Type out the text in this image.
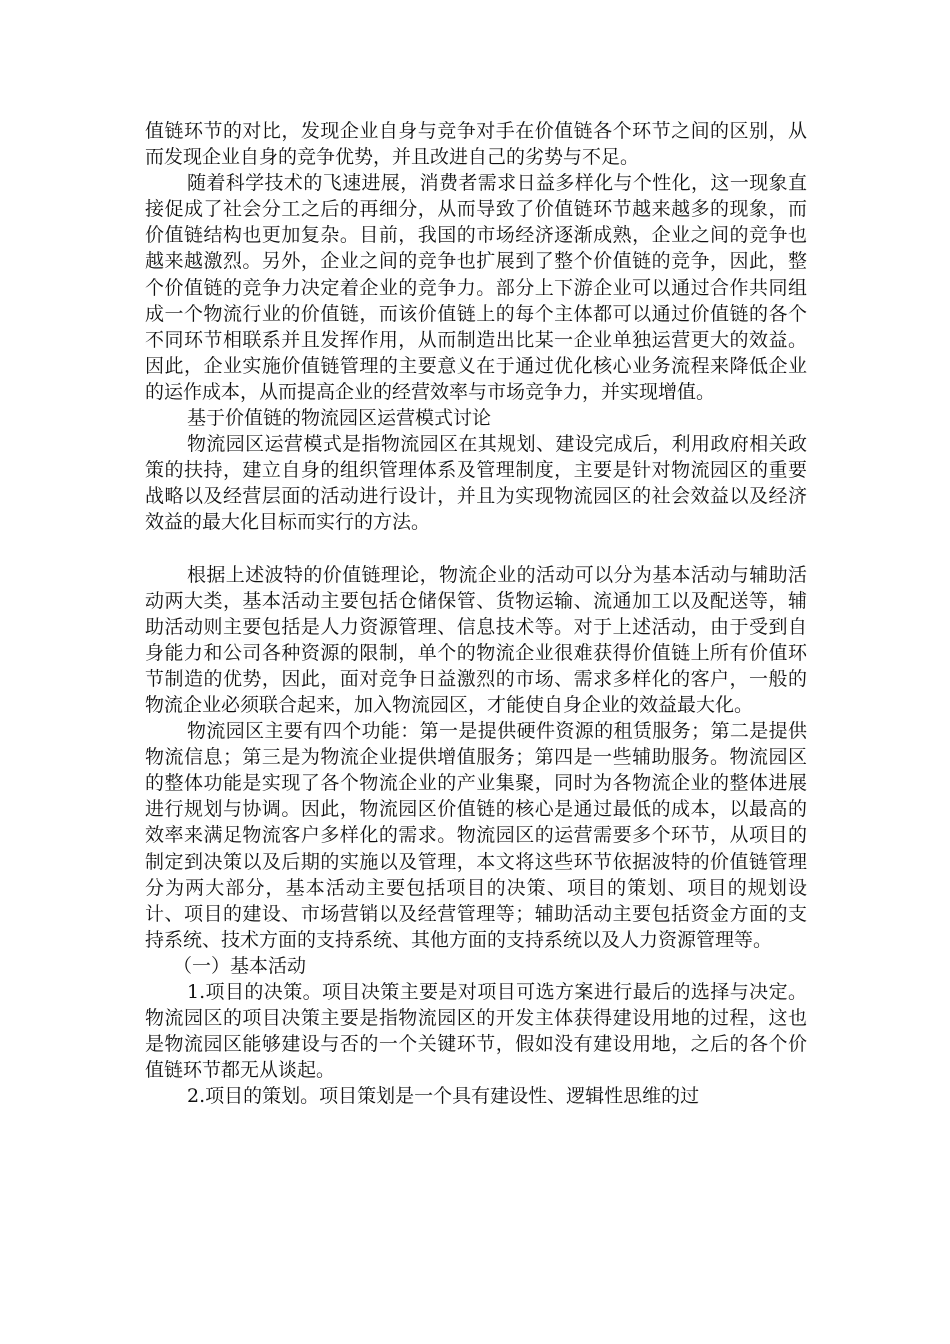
值链环节的对比，发现企业自身与竞争对手在价值链各个环节之间的区别，从而发现企业自身的竞争优势，并且改进自己的劣势与不足。

随着科学技术的飞速进展，消费者需求日益多样化与个性化，这一现象直接促成了社会分工之后的再细分，从而导致了价值链环节越来越多的现象，而价值链结构也更加复杂。目前，我国的市场经济逐渐成熟，企业之间的竞争也越来越激烈。另外，企业之间的竞争也扩展到了整个价值链的竞争，因此，整个价值链的竞争力决定着企业的竞争力。部分上下游企业可以通过合作共同组成一个物流行业的价值链，而该价值链上的每个主体都可以通过价值链的各个不同环节相联系并且发挥作用，从而制造出比某一企业单独运营更大的效益。因此，企业实施价值链管理的主要意义在于通过优化核心业务流程来降低企业的运作成本，从而提高企业的经营效率与市场竞争力，并实现增值。

基于价值链的物流园区运营模式讨论

物流园区运营模式是指物流园区在其规划、建设完成后，利用政府相关政策的扶持，建立自身的组织管理体系及管理制度，主要是针对物流园区的重要战略以及经营层面的活动进行设计，并且为实现物流园区的社会效益以及经济效益的最大化目标而实行的方法。

根据上述波特的价值链理论，物流企业的活动可以分为基本活动与辅助活动两大类，基本活动主要包括仓储保管、货物运输、流通加工以及配送等，辅助活动则主要包括是人力资源管理、信息技术等。对于上述活动，由于受到自身能力和公司各种资源的限制，单个的物流企业很难获得价值链上所有价值环节制造的优势，因此，面对竞争日益激烈的市场、需求多样化的客户，一般的物流企业必须联合起来，加入物流园区，才能使自身企业的效益最大化。

物流园区主要有四个功能：第一是提供硬件资源的租赁服务；第二是提供物流信息；第三是为物流企业提供增值服务；第四是一些辅助服务。物流园区的整体功能是实现了各个物流企业的产业集聚，同时为各物流企业的整体进展进行规划与协调。因此，物流园区价值链的核心是通过最低的成本，以最高的效率来满足物流客户多样化的需求。物流园区的运营需要多个环节，从项目的制定到决策以及后期的实施以及管理，本文将这些环节依据波特的价值链管理分为两大部分，基本活动主要包括项目的决策、项目的策划、项目的规划设计、项目的建设、市场营销以及经营管理等；辅助活动主要包括资金方面的支持系统、技术方面的支持系统、其他方面的支持系统以及人力资源管理等。

（一）基本活动

1.项目的决策。项目决策主要是对项目可选方案进行最后的选择与决定。物流园区的项目决策主要是指物流园区的开发主体获得建设用地的过程，这也是物流园区能够建设与否的一个关键环节，假如没有建设用地，之后的各个价值链环节都无从谈起。

2.项目的策划。项目策划是一个具有建设性、逻辑性思维的过
